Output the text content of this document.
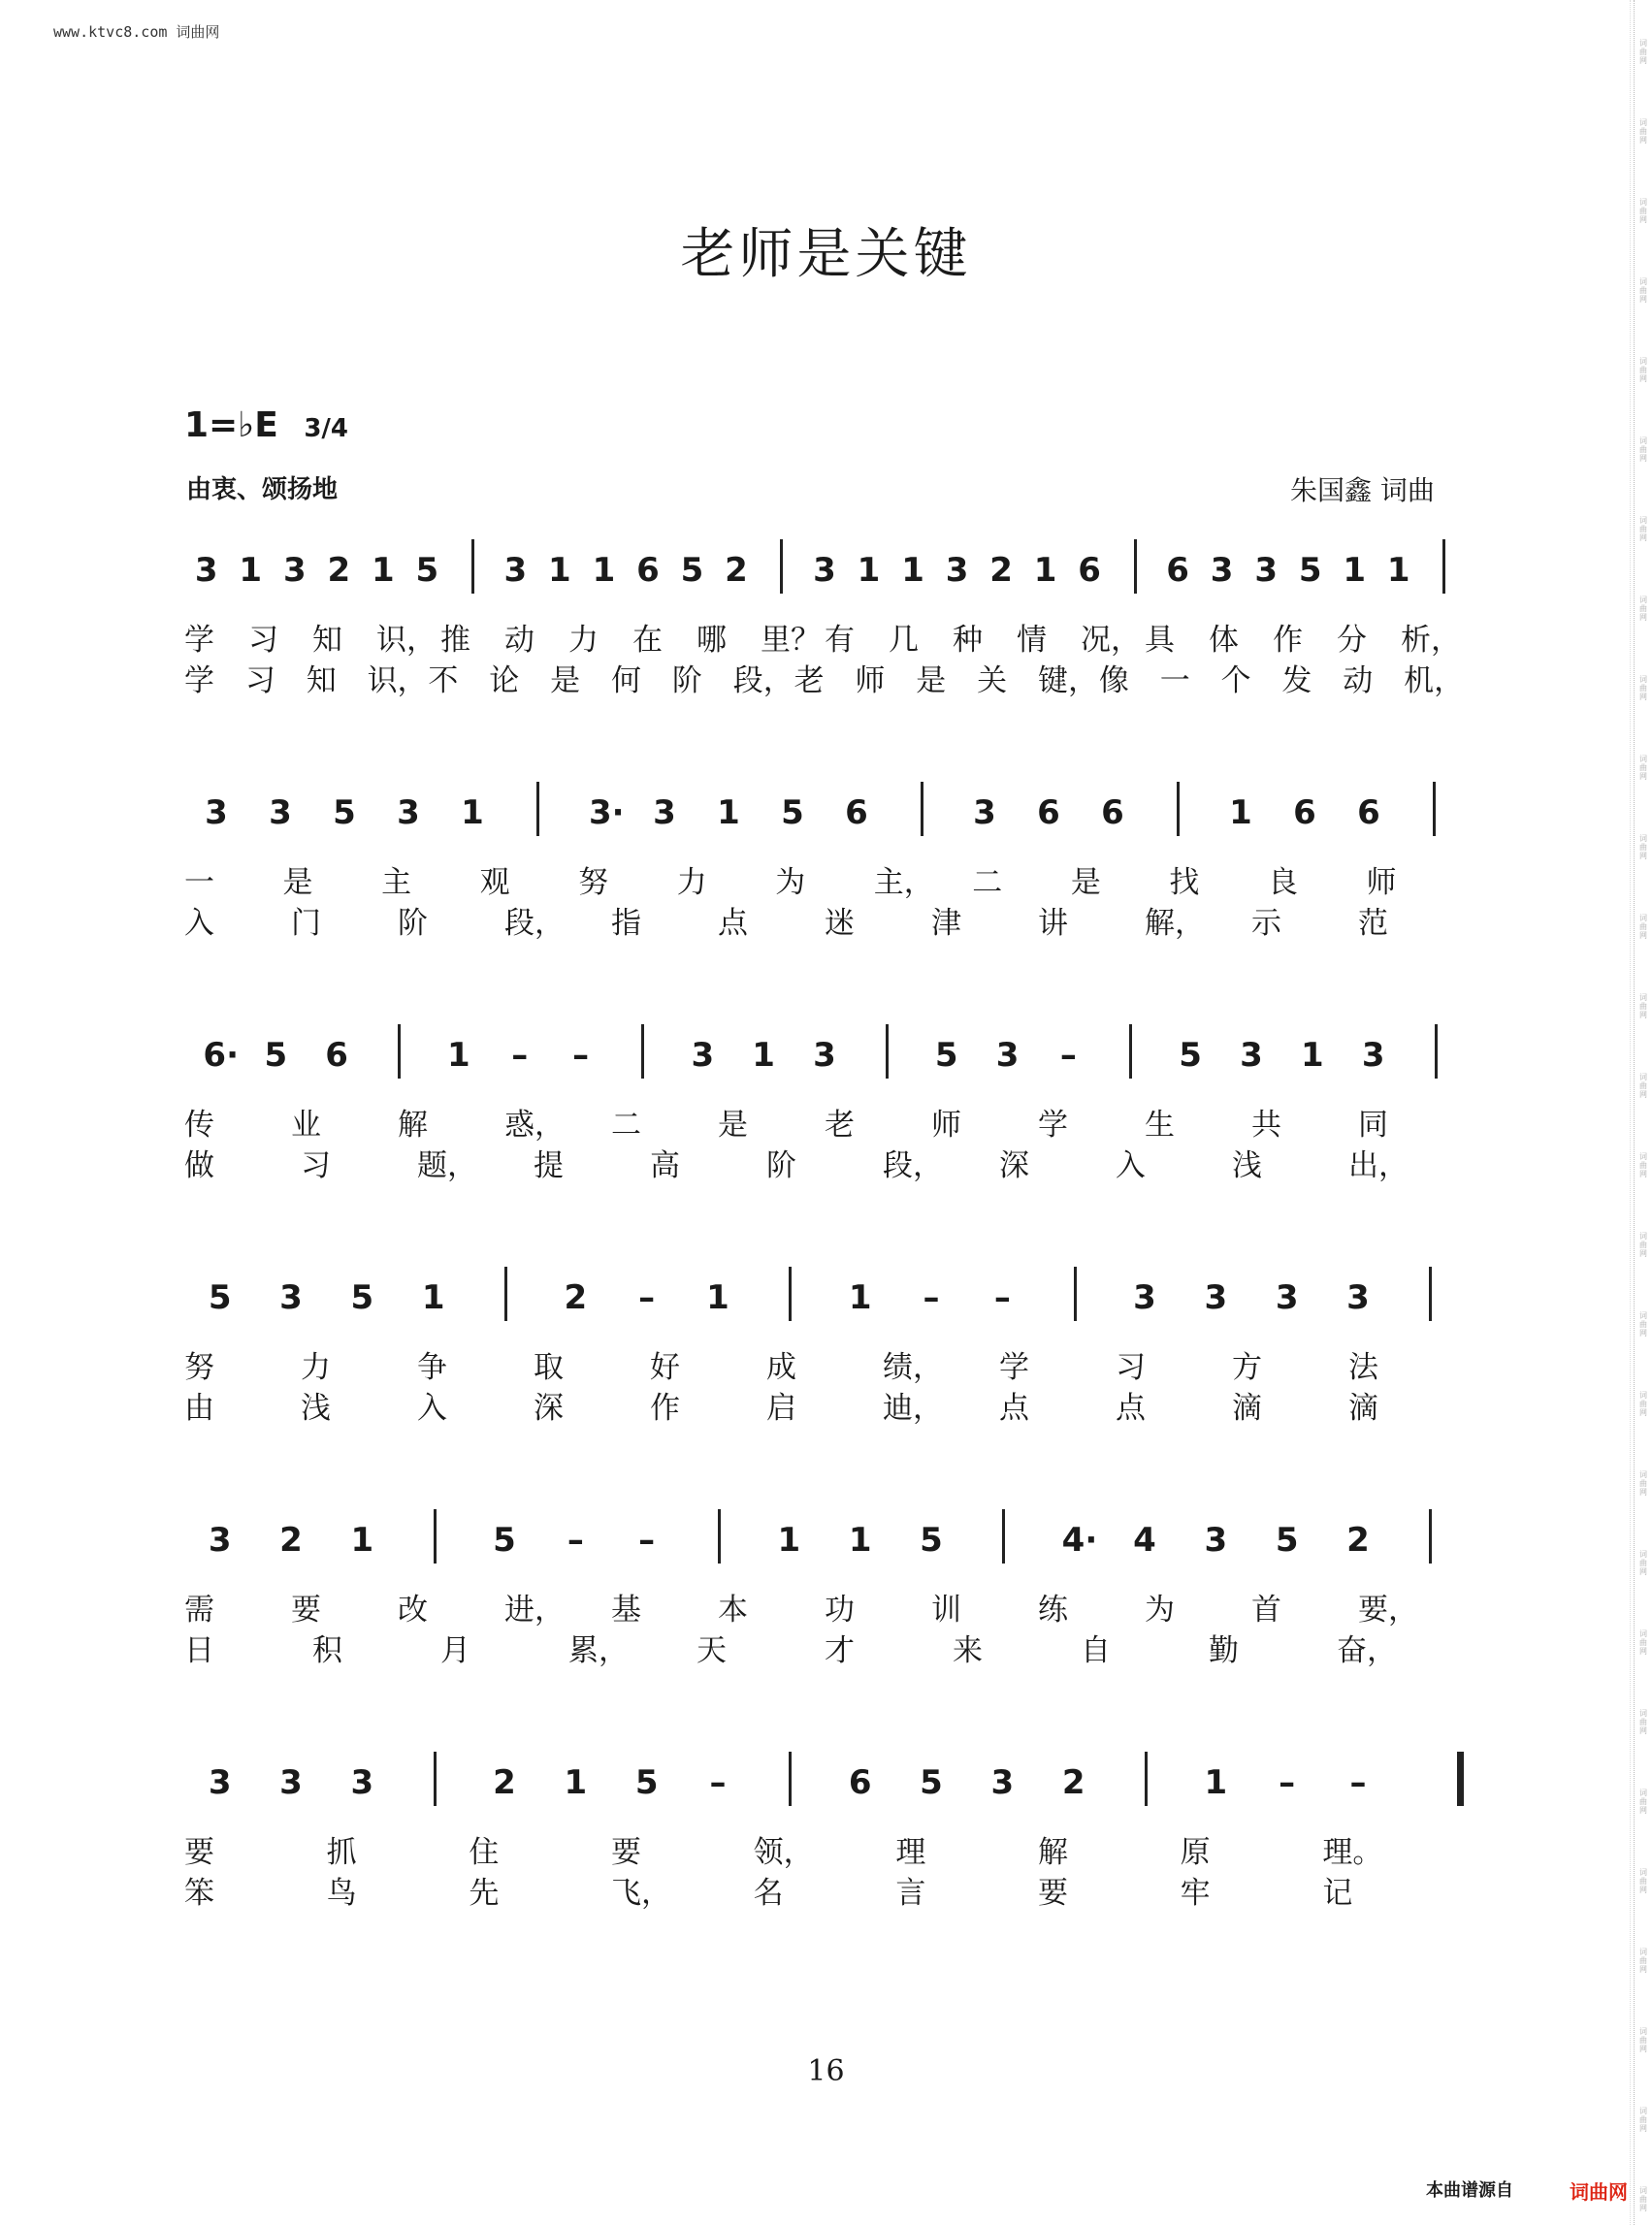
www.ktvc8.com 词曲网
老师是关键
1=♭E 3/4
由衷、颂扬地	朱国鑫 词曲
3 1 3 2 1 5 3 1 1 6 5 2 3 1 1 3 2 1 6 6 3 3 5 1 1
学 习 知 识， 推 动 力 在 哪 里？ 有 几 种 情 况， 具 体 作 分 析，
学 习 知 识， 不 论 是 何 阶 段， 老 师 是 关 键， 像 一 个 发 动 机，
3 3 5 3 1	3· 3 1 5 6	3 6 6	1 6 6
一 是 主 观 努 力 为 主， 二 是 找 良 师
入	门	阶	段， 指	点	迷	津	讲	解， 示	范
6· 5 6	1 – –	3 1 3	5 3 –	5 3 1 3
传	业	解	惑， 二	是	老	师	学	生	共	同
做	习	题， 提	高	阶	段， 深	入	浅	出，
5 3 5 1	2 – 1	1 – –	3 3 3 3
努	力	争	取	好	成	绩， 学	习	方	法
由	浅	入	深	作	启	迪， 点	点	滴	滴
3 2 1	5 – –	1 1 5	4· 4 3 5 2
需	要	改	进， 基	本	功	训	练	为	首	要，
日	积	月	累， 天	才	来	自	勤	奋，
3 3 3	2 1 5 –	6 5 3 2	1 – –
要	抓	住	要	领，	理	解	原	理。
笨	鸟	先	飞，	名	言	要	牢	记
16
本曲谱源自	词曲网
词
曲
网
词
曲
网
词
曲
网
词
曲
网
词
曲
网
词
曲
网
词
曲
网
词
曲
网
词
曲
网
词
曲
网
词
曲
网
词
曲
网
词
曲
网
词
曲
网
词
曲
网
词
曲
网
词
曲
网
词
曲
网
词
曲
网
词
曲
网
词
曲
网
词
曲
网
词
曲
网
词
曲
网
词
曲
网
词
曲
网
词
曲
网
词
曲
网
